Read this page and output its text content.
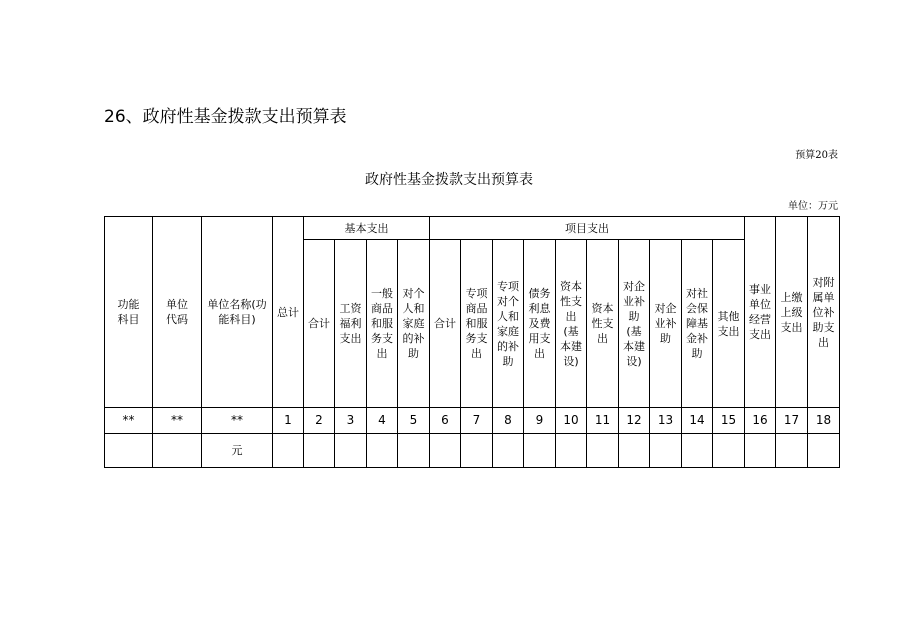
26、政府性基金拨款支出预算表
预算20表
政府性基金拨款支出预算表
单位：万元
功能科目	单位代码	单位名称(功能科目)	总计	基本支出				项目支出										事业单位经营支出	上缴上级支出	对附属单位补助支出
				合计	工资福利支出	一般商品和服务支出	对个人和家庭的补助	合计	专项商品和服务支出	专项对个人和家庭的补助	债务利息及费用支出	资本性支出(基本建设)	资本性支出	对企业补助(基本建设)	对企业补助	对社会保障基金补助	其他支出			
**	**	**	1	2	3	4	5	6	7	8	9	10	11	12	13	14	15	16	17	18
		元																		
